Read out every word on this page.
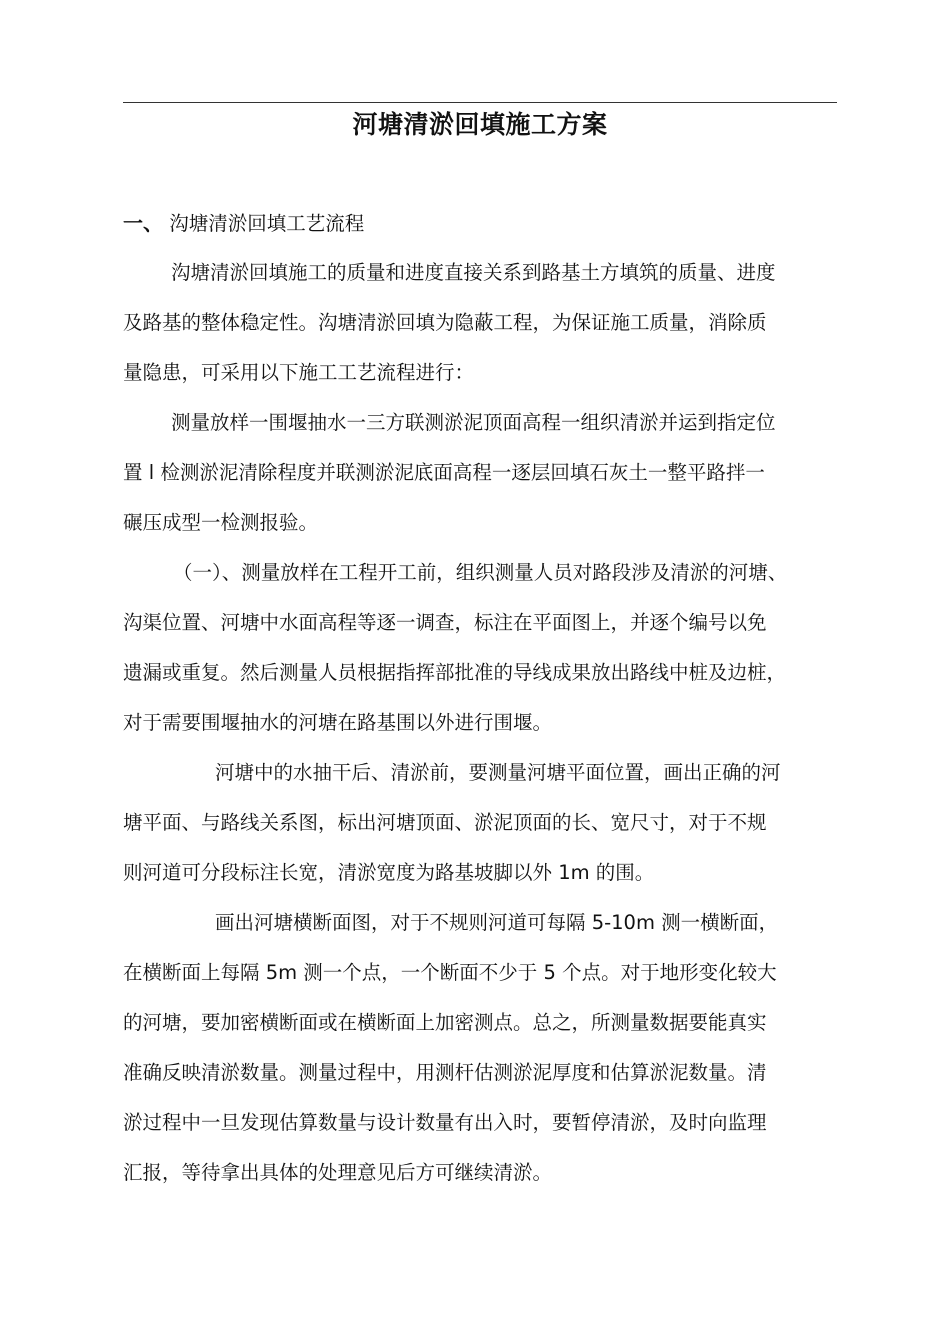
河塘清淤回填施工方案
一、 沟塘清淤回填工艺流程
沟塘清淤回填施工的质量和进度直接关系到路基土方填筑的质量、进度
及路基的整体稳定性。沟塘清淤回填为隐蔽工程，为保证施工质量，消除质
量隐患，可采用以下施工工艺流程进行：
测量放样一围堰抽水一三方联测淤泥顶面高程一组织清淤并运到指定位
置 l 检测淤泥清除程度并联测淤泥底面高程一逐层回填石灰土一整平路拌一
碾压成型一检测报验。
（一）、测量放样在工程开工前，组织测量人员对路段涉及清淤的河塘、
沟渠位置、河塘中水面高程等逐一调查，标注在平面图上，并逐个编号以免
遗漏或重复。然后测量人员根据指挥部批准的导线成果放出路线中桩及边桩，
对于需要围堰抽水的河塘在路基围以外进行围堰。
河塘中的水抽干后、清淤前，要测量河塘平面位置，画出正确的河
塘平面、与路线关系图，标出河塘顶面、淤泥顶面的长、宽尺寸，对于不规
则河道可分段标注长宽，清淤宽度为路基坡脚以外 1m 的围。
画出河塘横断面图，对于不规则河道可每隔 5-10m 测一横断面，
在横断面上每隔 5m 测一个点，一个断面不少于 5 个点。对于地形变化较大
的河塘，要加密横断面或在横断面上加密测点。总之，所测量数据要能真实
准确反映清淤数量。测量过程中，用测杆估测淤泥厚度和估算淤泥数量。清
淤过程中一旦发现估算数量与设计数量有出入时，要暂停清淤，及时向监理
汇报，等待拿出具体的处理意见后方可继续清淤。
